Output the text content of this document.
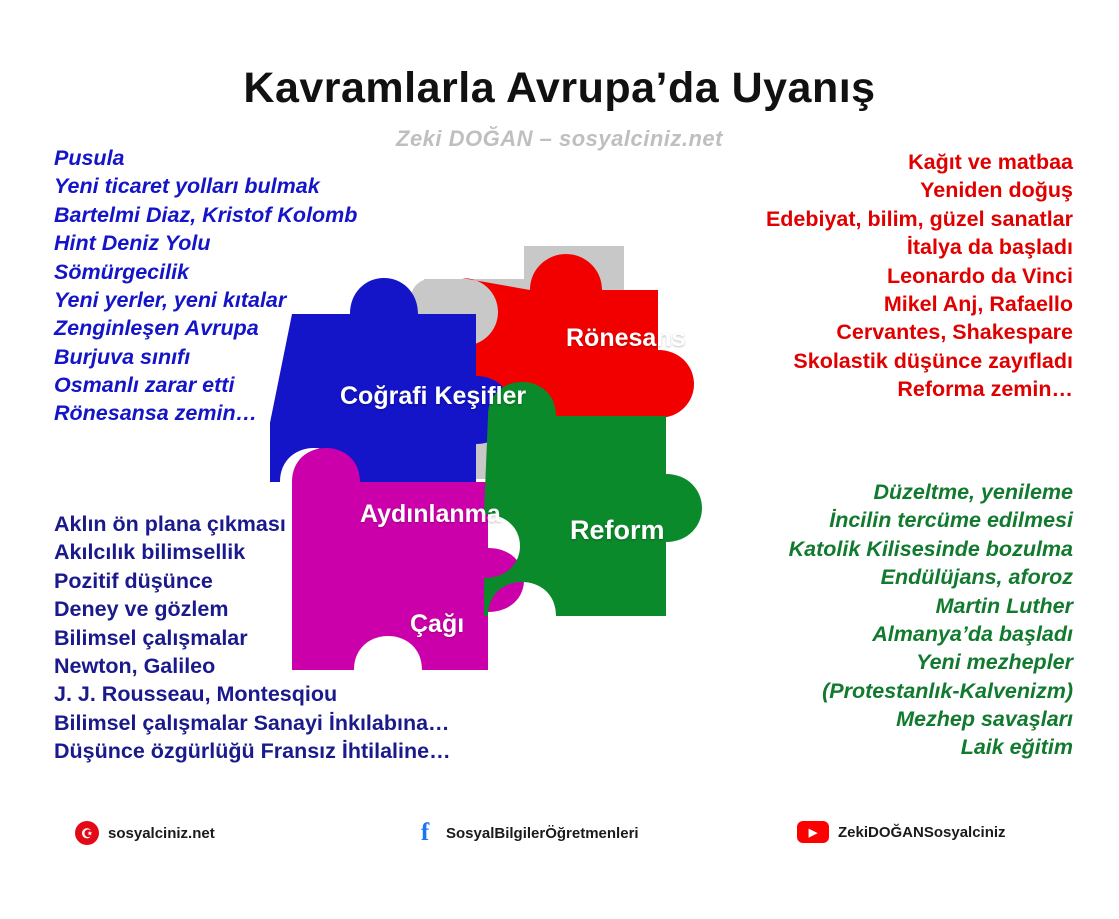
Kavramlarla Avrupa’da Uyanış
Zeki DOĞAN – sosyalciniz.net
Pusula
Yeni ticaret yolları bulmak
Bartelmi Diaz, Kristof Kolomb
Hint Deniz Yolu
Sömürgecilik
Yeni yerler, yeni kıtalar
Zenginleşen Avrupa
Burjuva sınıfı
Osmanlı zarar etti
Rönesansa zemin…
Kağıt ve matbaa
Yeniden doğuş
Edebiyat, bilim, güzel sanatlar
İtalya da başladı
Leonardo da Vinci
Mikel Anj, Rafaello
Cervantes, Shakespare
Skolastik düşünce zayıfladı
Reforma zemin…
Aklın ön plana çıkması
Akılcılık bilimsellik
Pozitif düşünce
Deney ve gözlem
Bilimsel çalışmalar
Newton, Galileo
J. J. Rousseau, Montesqiou
Bilimsel çalışmalar Sanayi İnkılabına…
Düşünce özgürlüğü Fransız İhtilaline…
Düzeltme, yenileme
İncilin tercüme edilmesi
Katolik Kilisesinde bozulma
Endülüjans, aforoz
Martin Luther
Almanya’da başladı
Yeni mezhepler
(Protestanlık-Kalvenizm)
Mezhep savaşları
Laik eğitim
Rönesans
Coğrafi Keşifler
Aydınlanma
Çağı
Reform
☪	sosyalciniz.net	f	SosyalBilgilerÖğretmenleri	▶	ZekiDOĞANSosyalciniz
